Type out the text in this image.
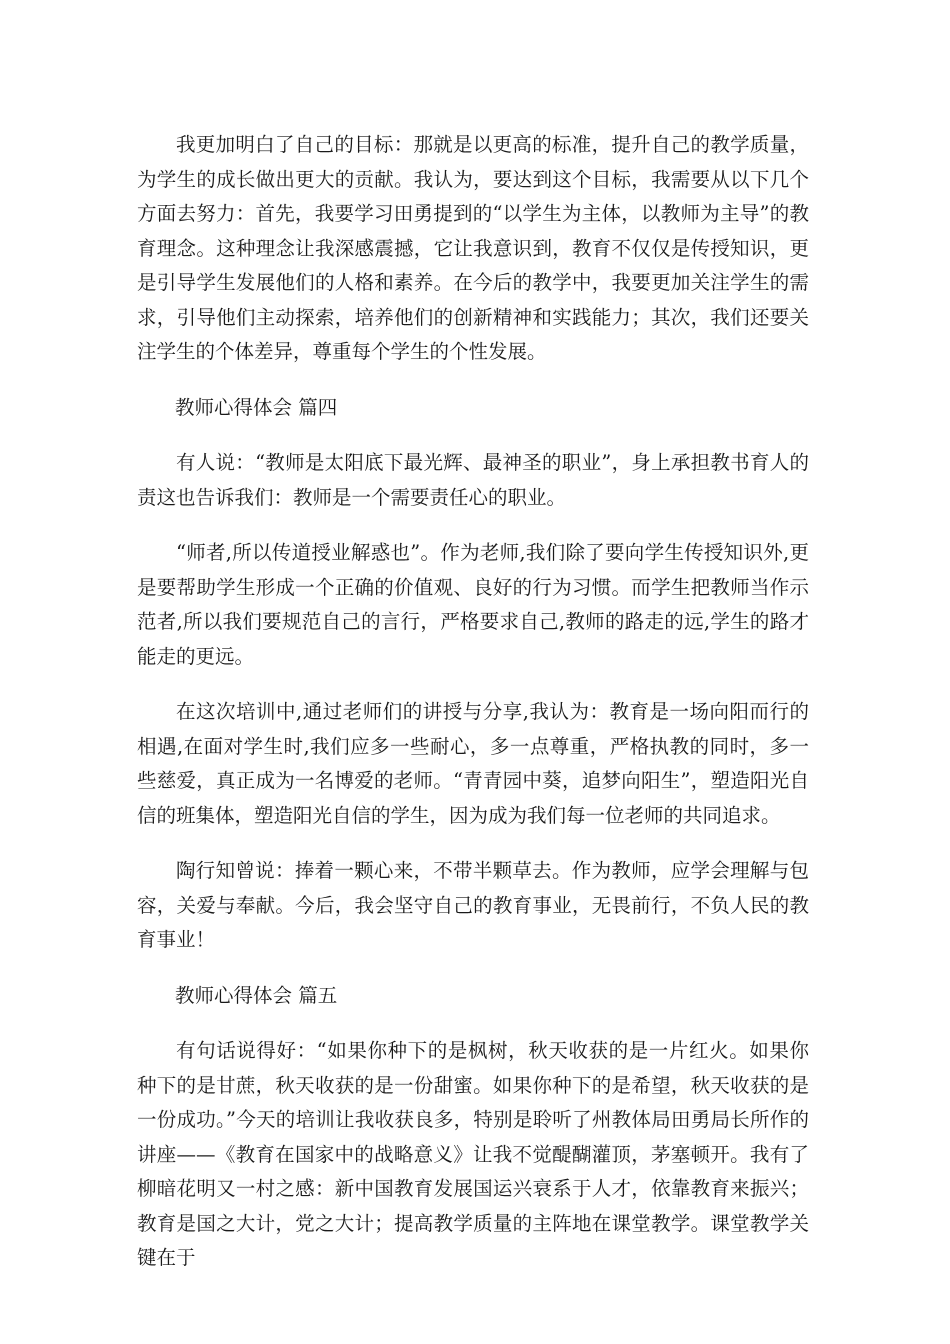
我更加明白了自己的目标：那就是以更高的标准，提升自己的教学质量，为学生的成长做出更大的贡献。我认为，要达到这个目标，我需要从以下几个方面去努力：首先，我要学习田勇提到的“以学生为主体，以教师为主导”的教育理念。这种理念让我深感震撼，它让我意识到，教育不仅仅是传授知识，更是引导学生发展他们的人格和素养。在今后的教学中，我要更加关注学生的需求，引导他们主动探索，培养他们的创新精神和实践能力；其次，我们还要关注学生的个体差异，尊重每个学生的个性发展。

教师心得体会 篇四

有人说：“教师是太阳底下最光辉、最神圣的职业”，身上承担教书育人的责这也告诉我们：教师是一个需要责任心的职业。

“师者,所以传道授业解惑也”。作为老师,我们除了要向学生传授知识外,更是要帮助学生形成一个正确的价值观、良好的行为习惯。而学生把教师当作示范者,所以我们要规范自己的言行，严格要求自己,教师的路走的远,学生的路才能走的更远。

在这次培训中,通过老师们的讲授与分享,我认为：教育是一场向阳而行的相遇,在面对学生时,我们应多一些耐心，多一点尊重，严格执教的同时，多一些慈爱，真正成为一名博爱的老师。“青青园中葵，追梦向阳生”，塑造阳光自信的班集体，塑造阳光自信的学生，因为成为我们每一位老师的共同追求。

陶行知曾说：捧着一颗心来，不带半颗草去。作为教师，应学会理解与包容，关爱与奉献。今后，我会坚守自己的教育事业，无畏前行，不负人民的教育事业！

教师心得体会 篇五

有句话说得好：“如果你种下的是枫树，秋天收获的是一片红火。如果你种下的是甘蔗，秋天收获的是一份甜蜜。如果你种下的是希望，秋天收获的是一份成功。”今天的培训让我收获良多，特别是聆听了州教体局田勇局长所作的讲座——《教育在国家中的战略意义》让我不觉醍醐灌顶，茅塞顿开。我有了柳暗花明又一村之感：新中国教育发展国运兴衰系于人才，依靠教育来振兴；教育是国之大计，党之大计；提高教学质量的主阵地在课堂教学。课堂教学关键在于
